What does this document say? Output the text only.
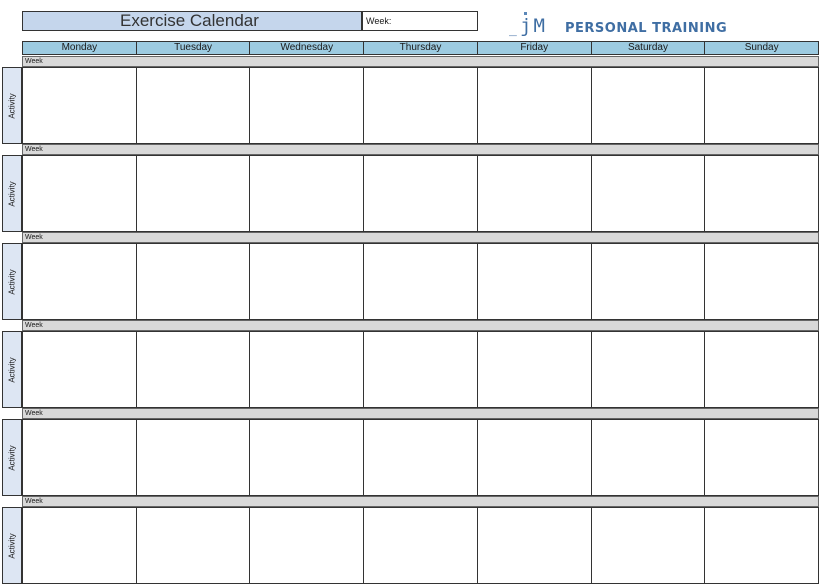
Exercise Calendar	Week:
_ jM PERSONAL TRAINING
Monday	Tuesday	Wednesday	Thursday	Friday	Saturday	Sunday
Week
Activity
Week
Activity
Week
Activity
Week
Activity
Week
Activity
Week
Activity
